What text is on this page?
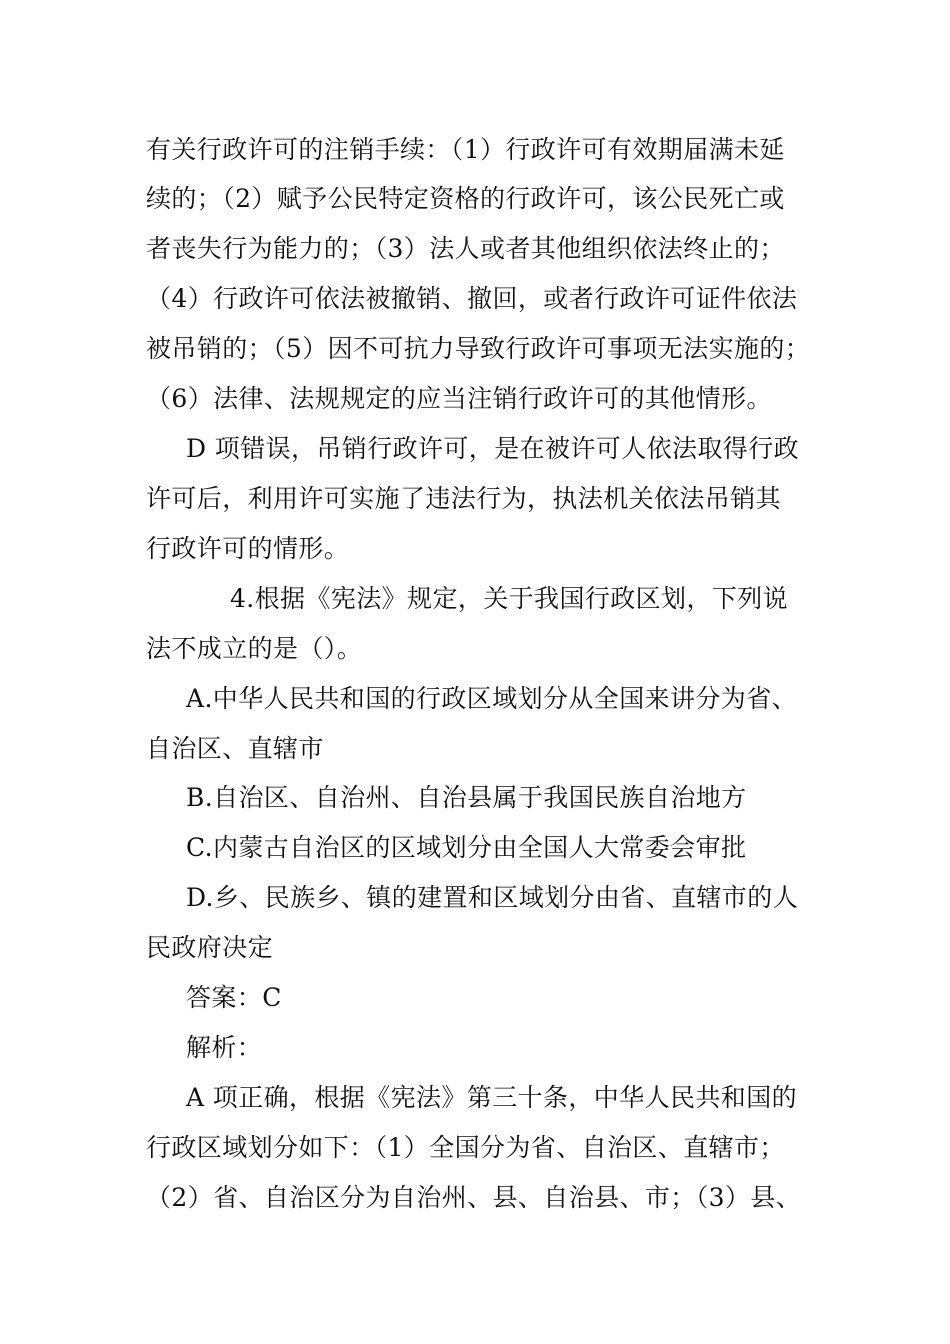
有关行政许可的注销手续：（1）行政许可有效期届满未延
续的；（2）赋予公民特定资格的行政许可，该公民死亡或
者丧失行为能力的；（3）法人或者其他组织依法终止的；
（4）行政许可依法被撤销、撤回，或者行政许可证件依法
被吊销的；（5）因不可抗力导致行政许可事项无法实施的；
（6）法律、法规规定的应当注销行政许可的其他情形。
D 项错误，吊销行政许可，是在被许可人依法取得行政
许可后，利用许可实施了违法行为，执法机关依法吊销其
行政许可的情形。
4.根据《宪法》规定，关于我国行政区划，下列说
法不成立的是（）。
A.中华人民共和国的行政区域划分从全国来讲分为省、
自治区、直辖市
B.自治区、自治州、自治县属于我国民族自治地方
C.内蒙古自治区的区域划分由全国人大常委会审批
D.乡、民族乡、镇的建置和区域划分由省、直辖市的人
民政府决定
答案：C
解析：
A 项正确，根据《宪法》第三十条，中华人民共和国的
行政区域划分如下：（1）全国分为省、自治区、直辖市；
（2）省、自治区分为自治州、县、自治县、市；（3）县、
